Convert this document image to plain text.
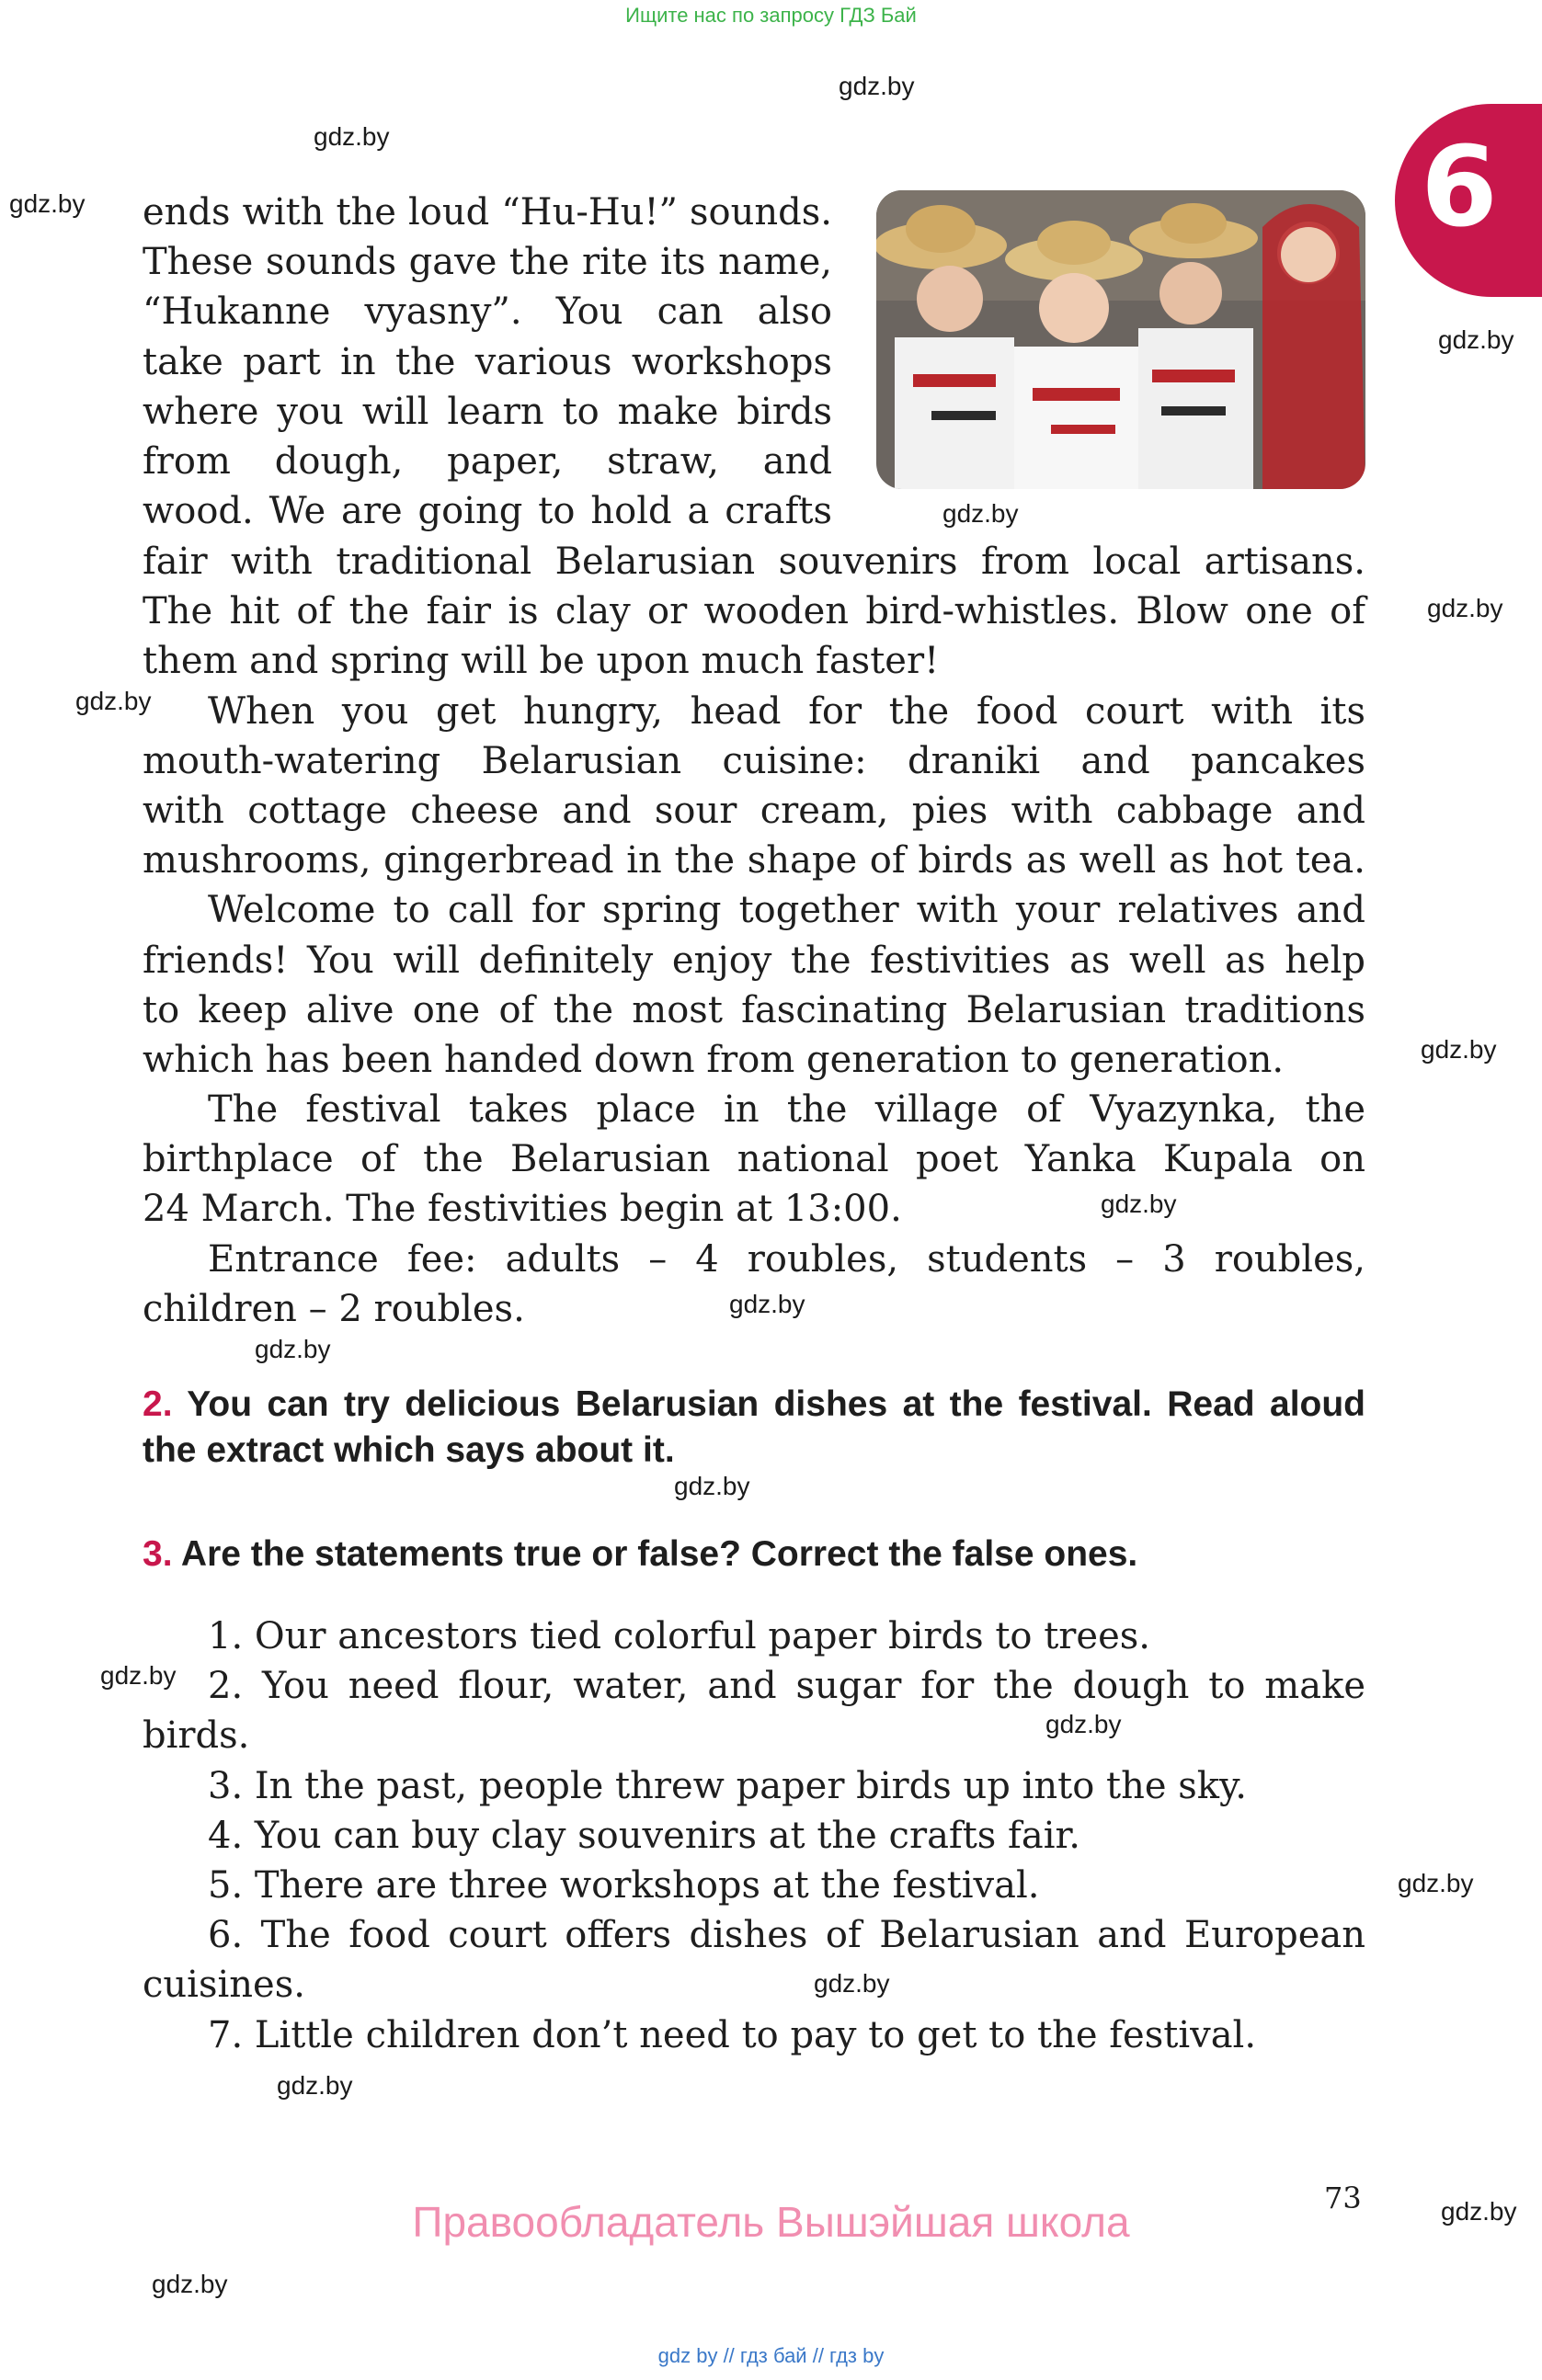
Ищите нас по запросу ГДЗ Бай
gdz.by
gdz.by
gdz.by
gdz.by
gdz.by
gdz.by
gdz.by
gdz.by
gdz.by
gdz.by
gdz.by
gdz.by
gdz.by
gdz.by
gdz.by
gdz.by
gdz.by
gdz.by
gdz.by
6
ends with the loud “Hu-Hu!” sounds.
These sounds gave the rite its name,
“Hukanne vyasny”. You can also
take part in the various workshops
where you will learn to make birds
from dough, paper, straw, and
wood. We are going to hold a crafts
fair with traditional Belarusian souvenirs from local artisans.
The hit of the fair is clay or wooden bird-whistles. Blow one of
them and spring will be upon much faster!
When you get hungry, head for the food court with its
mouth-watering Belarusian cuisine: draniki and pancakes
with cottage cheese and sour cream, pies with cabbage and
mushrooms, gingerbread in the shape of birds as well as hot tea.
Welcome to call for spring together with your relatives and
friends! You will definitely enjoy the festivities as well as help
to keep alive one of the most fascinating Belarusian traditions
which has been handed down from generation to generation.
The festival takes place in the village of Vyazynka, the
birthplace of the Belarusian national poet Yanka Kupala on
24 March. The festivities begin at 13:00.
Entrance fee: adults – 4 roubles, students – 3 roubles,
children – 2 roubles.
2. You can try delicious Belarusian dishes at the festival. Read aloud the extract which says about it.
3. Are the statements true or false? Correct the false ones.
1. Our ancestors tied colorful paper birds to trees.
2. You need flour, water, and sugar for the dough to make
birds.
3. In the past, people threw paper birds up into the sky.
4. You can buy clay souvenirs at the crafts fair.
5. There are three workshops at the festival.
6. The food court offers dishes of Belarusian and European
cuisines.
7. Little children don’t need to pay to get to the festival.
73
Правообладатель Вышэйшая школа
gdz by // гдз бай // гдз by
